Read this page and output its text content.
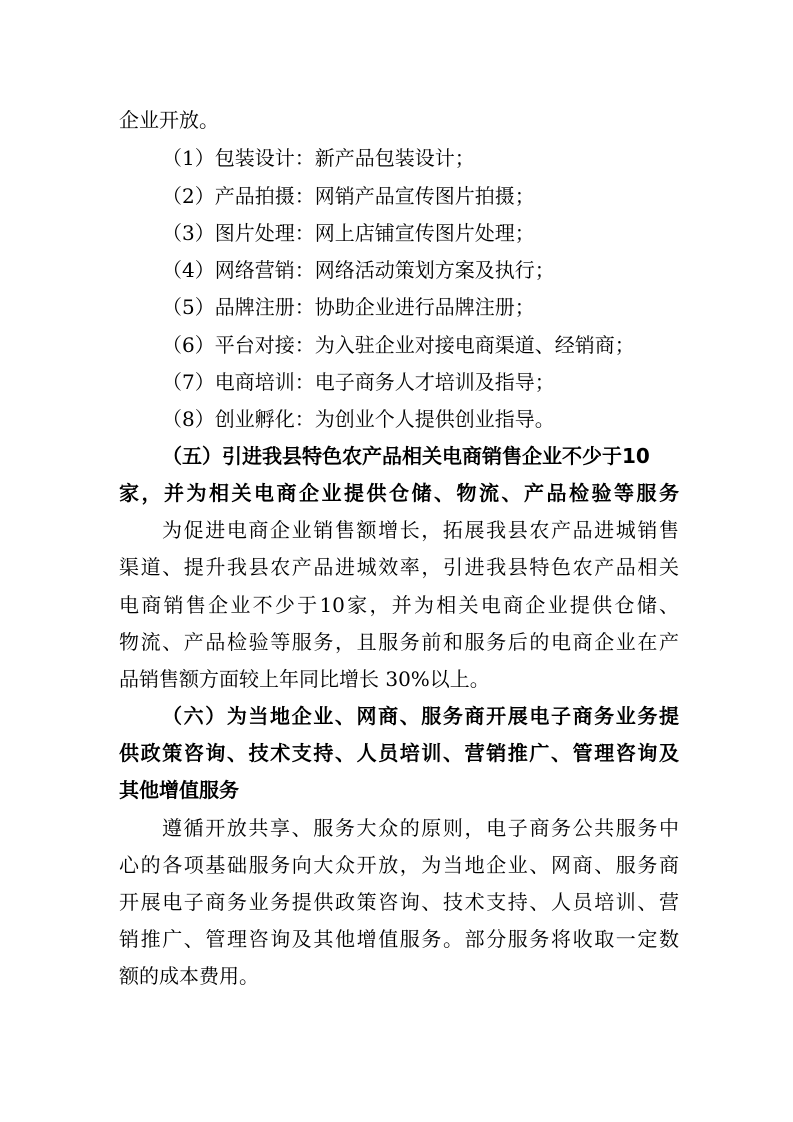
企业开放。
（1）包装设计：新产品包装设计；
（2）产品拍摄：网销产品宣传图片拍摄；
（3）图片处理：网上店铺宣传图片处理；
（4）网络营销：网络活动策划方案及执行；
（5）品牌注册：协助企业进行品牌注册；
（6）平台对接：为入驻企业对接电商渠道、经销商；
（7）电商培训：电子商务人才培训及指导；
（8）创业孵化：为创业个人提供创业指导。
（五）引进我县特色农产品相关电商销售企业不少于10
家，并为相关电商企业提供仓储、物流、产品检验等服务
为促进电商企业销售额增长，拓展我县农产品进城销售
渠道、提升我县农产品进城效率，引进我县特色农产品相关
电商销售企业不少于10家，并为相关电商企业提供仓储、
物流、产品检验等服务，且服务前和服务后的电商企业在产
品销售额方面较上年同比增长 30%以上。
（六）为当地企业、网商、服务商开展电子商务业务提
供政策咨询、技术支持、人员培训、营销推广、管理咨询及
其他增值服务
遵循开放共享、服务大众的原则，电子商务公共服务中
心的各项基础服务向大众开放，为当地企业、网商、服务商
开展电子商务业务提供政策咨询、技术支持、人员培训、营
销推广、管理咨询及其他增值服务。部分服务将收取一定数
额的成本费用。
